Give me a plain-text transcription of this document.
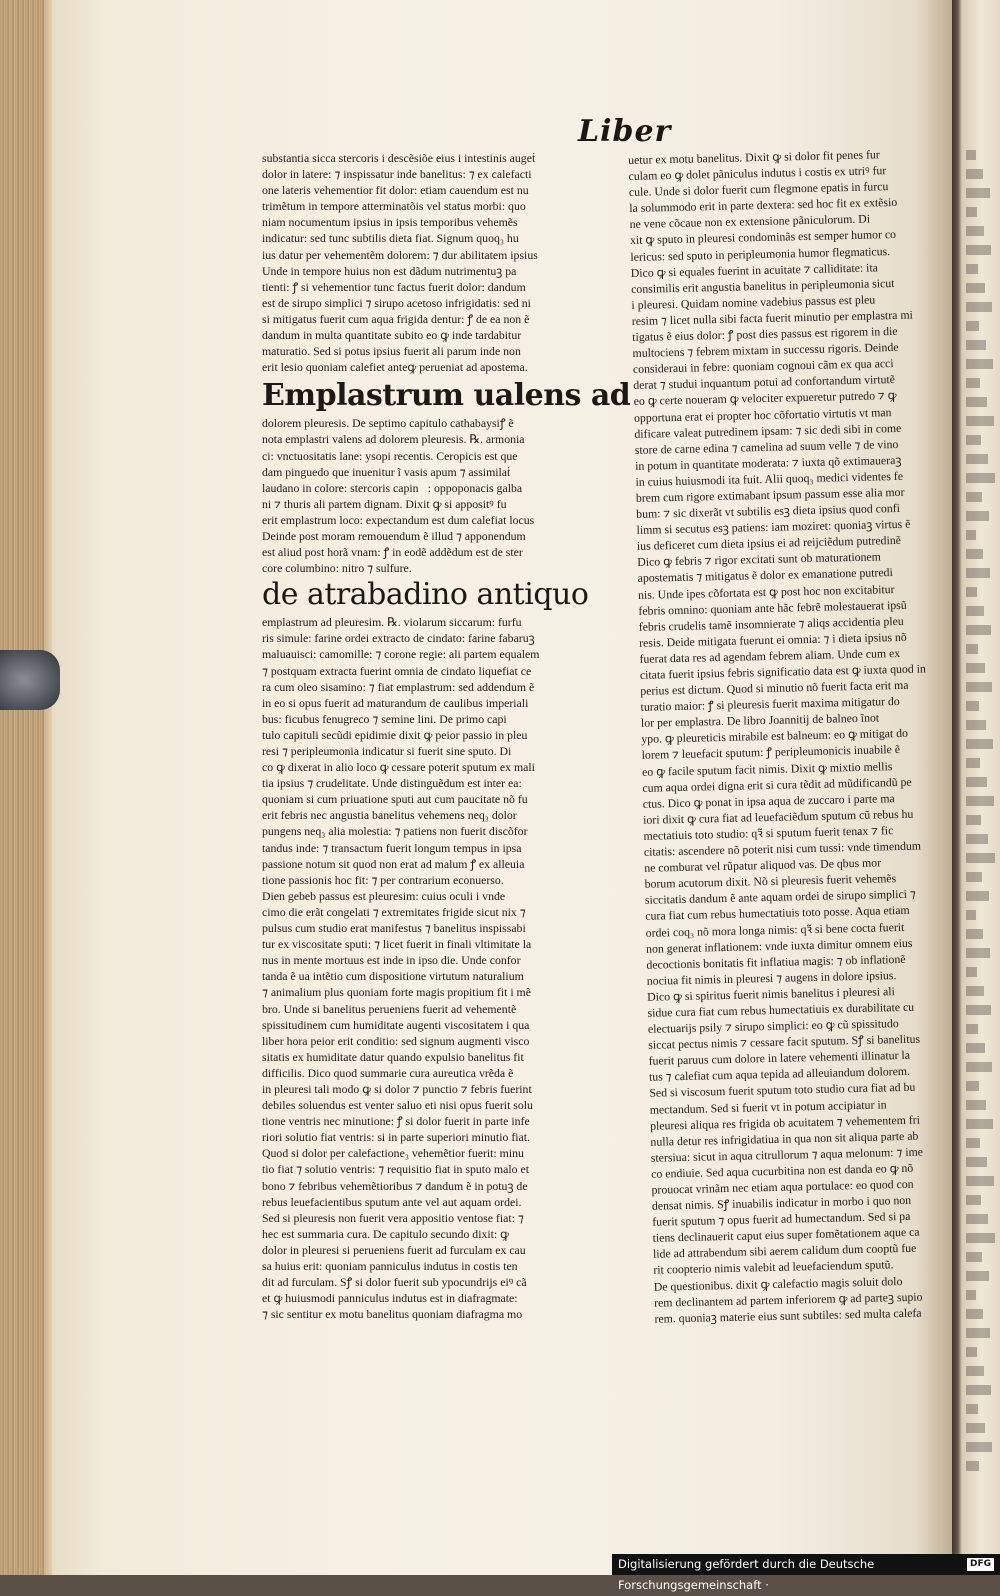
Liber
substantia sicca stercoris i descẽsiõe eius i intestinis augeṫ
dolor in latere: ⁊ inspissatur inde banelitus: ⁊ ex calefacti
one lateris vehementior fit dolor: etiam cauendum est nu
trimẽtum in tempore atterminatõis vel status morbi: quo
niam nocumentum ipsius in ipsis temporibus vehemẽs
indicatur: sed tunc subtilis dieta fiat. Signum quoq₃ hu
ius datur per vehementẽm dolorem: ⁊ dur abilitatem ipsius
Unde in tempore huius non est dãdum nutrimentuꝫ pa
tienti: ꝭ si vehementior tunc factus fuerit dolor: dandum
est de sirupo simplici ⁊ sirupo acetoso infrigidatis: sed ni
si mitigatus fuerit cum aqua frigida dentur: ꝭ de ea non ẽ
dandum in multa quantitate subito eo ꝙ inde tardabitur
maturatio. Sed si potus ipsius fuerit ali parum inde non
erit lesio quoniam calefiet anteꝙ perueniat ad apostema.
Emplastrum ualens ad
dolorem pleuresis. De septimo capitulo cathabaysiꝭ ẽ
nota emplastri valens ad dolorem pleuresis. ℞. armonia
ci: vnctuositatis lane: ysopi recentis. Ceropicis est que
dam pinguedo que inuenitur ĩ vasis apum ⁊ assimilaṫ
laudano in colore: stercoris capinᷓ: oppoponacis galba
ni ⁊ thuris ali partem dignam. Dixit ꝙ si appositꝰ fu
erit emplastrum loco: expectandum est dum calefiat locus
Deinde post moram remouendum ẽ illud ⁊ apponendum
est aliud post horã vnam: ꝭ in eodẽ addẽdum est de ster
core columbino: nitro ⁊ sulfure.
de atrabadino antiquo
emplastrum ad pleuresim. ℞. violarum siccarum: furfu
ris simule: farine ordei extracto de cindato: farine fabaruꝫ
maluauisci: camomille: ⁊ corone regie: ali partem equalem
⁊ postquam extracta fuerint omnia de cindato liquefiat ce
ra cum oleo sisamino: ⁊ fiat emplastrum: sed addendum ẽ
in eo si opus fuerit ad maturandum de caulibus imperiali
bus: ficubus fenugreco ⁊ semine lini. De primo capi
tulo capituli secũdi epidimie dixit ꝙ peior passio in pleu
resi ⁊ peripleumonia indicatur si fuerit sine sputo. Di
co ꝙ dixerat in alio loco ꝙ cessare poterit sputum ex mali
tia ipsius ⁊ crudelitate. Unde distinguẽdum est inter ea:
quoniam si cum priuatione sputi aut cum paucitate nõ fu
erit febris nec angustia banelitus vehemens neq₃ dolor
pungens neq₃ alia molestia: ⁊ patiens non fuerit discõfor
tandus inde: ⁊ transactum fuerit longum tempus in ipsa
passione notum sit quod non erat ad malum ꝭ ex alleuia
tione passionis hoc fit: ⁊ per contrarium econuerso.
Dien gebeb passus est pleuresim: cuius oculi i vnde
cimo die erãt congelati ⁊ extremitates frigide sicut nix ⁊
pulsus cum studio erat manifestus ⁊ banelitus inspissabi
tur ex viscositate sputi: ⁊ licet fuerit in finali vltimitate la
nus in mente mortuus est inde in ipso die. Unde confor
tanda ẽ ua intẽtio cum dispositione virtutum naturalium
⁊ animalium plus quoniam forte magis propitium fit i mẽ
bro. Unde si banelitus perueniens fuerit ad vehementẽ
spissitudinem cum humiditate augenti viscositatem i qua
liber hora peior erit conditio: sed signum augmenti visco
sitatis ex humiditate datur quando expulsio banelitus fit
difficilis. Dico quod summarie cura aureutica vrẽda ẽ
in pleuresi tali modo ꝙ si dolor ⁊ punctio ⁊ febris fuerint
debiles soluendus est venter saluo eti nisi opus fuerit solu
tione ventris nec minutione: ꝭ si dolor fuerit in parte infe
riori solutio fiat ventris: si in parte superiori minutio fiat.
Quod si dolor per calefactione₃ vehemẽtior fuerit: minu
tio fiat ⁊ solutio ventris: ⁊ requisitio fiat in sputo malo et
bono ⁊ febribus vehemẽtioribus ⁊ dandum ẽ in potuꝫ de
rebus leuefacientibus sputum ante vel aut aquam ordei.
Sed si pleuresis non fuerit vera appositio ventose fiat: ⁊
hec est summaria cura. De capitulo secundo dixit: ꝙ
dolor in pleuresi si perueniens fuerit ad furculam ex cau
sa huius erit: quoniam panniculus indutus in costis ten
dit ad furculam. Sꝭ si dolor fuerit sub ypocundrijs eiꝰ cã
et ꝙ huiusmodi panniculus indutus est in diafragmate:
⁊ sic sentitur ex motu banelitus quoniam diafragma mo
uetur ex motu banelitus. Dixit ꝙ si dolor fit penes fur
culam eo ꝙ dolet pãniculus indutus i costis ex utriꝰ fur
cule. Unde si dolor fuerit cum flegmone epatis in furcu
la solummodo erit in parte dextera: sed hoc fit ex extẽsio
ne vene cõcaue non ex extensione pãniculorum. Di
xit ꝙ sputo in pleuresi condominãs est semper humor co
lericus: sed sputo in peripleumonia humor flegmaticus.
Dico ꝙ si equales fuerint in acuitate ⁊ calliditate: ita
consimilis erit angustia banelitus in peripleumonia sicut
i pleuresi. Quidam nomine vadebius passus est pleu
resim ⁊ licet nulla sibi facta fuerit minutio per emplastra mi
tigatus ẽ eius dolor: ꝭ post dies passus est rigorem in die
multociens ⁊ febrem mixtam in successu rigoris. Deinde
consideraui in febre: quoniam cognoui cãm ex qua acci
derat ⁊ studui inquantum potui ad confortandum virtutẽ
eo ꝙ certe noueram ꝙ velociter expueretur putredo ⁊ ꝙ
opportuna erat ei propter hoc cõfortatio virtutis vt man
dificare valeat putredinem ipsam: ⁊ sic dedi sibi in come
store de carne edina ⁊ camelina ad suum velle ⁊ de vino
in potum in quantitate moderata: ⁊ iuxta qõ extimaueraꝫ
in cuius huiusmodi ita fuit. Alii quoq₃ medici videntes fe
brem cum rigore extimabant ipsum passum esse alia mor
bum: ⁊ sic dixerãt vt subtilis esꝫ dieta ipsius quod confi
limm si secutus esꝫ patiens: iam moziret: quoniaꝫ virtus ẽ
ius deficeret cum dieta ipsius ei ad reijciẽdum putredinẽ
Dico ꝙ febris ⁊ rigor excitati sunt ob maturationem
apostematis ⁊ mitigatus ẽ dolor ex emanatione putredi
nis. Unde ipes cõfortata est ꝙ post hoc non excitabitur
febris omnino: quoniam ante hãc febrẽ molestauerat ipsũ
febris crudelis tamẽ insomnierate ⁊ aliqs accidentia pleu
resis. Deide mitigata fuerunt ei omnia: ⁊ i dieta ipsius nõ
fuerat data res ad agendam febrem aliam. Unde cum ex
citata fuerit ipsius febris significatio data est ꝙ iuxta quod in
perius est dictum. Quod si minutio nõ fuerit facta erit ma
turatio maior: ꝭ si pleuresis fuerit maxima mitigatur do
lor per emplastra. De libro Joannitij de balneo ĩnot
ypo. ꝙ pleureticis mirabile est balneum: eo ꝙ mitigat do
lorem ⁊ leuefacit sputum: ꝭ peripleumonicis inuabile ẽ
eo ꝙ facile sputum facit nimis. Dixit ꝙ mixtio mellis
cum aqua ordei digna erit si cura tẽdit ad mũdificandũ pe
ctus. Dico ꝙ ponat in ipsa aqua de zuccaro i parte ma
iori dixit ꝙ cura fiat ad leuefaciẽdum sputum cũ rebus hu
mectatiuis toto studio: qꝛ̃ si sputum fuerit tenax ⁊ fic
citatis: ascendere nõ poterit nisi cum tussi: vnde timendum
ne comburat vel rũpatur aliquod vas. De qbus mor
borum acutorum dixit. Nõ si pleuresis fuerit vehemẽs
siccitatis dandum ẽ ante aquam ordei de sirupo simplici ⁊
cura fiat cum rebus humectatiuis toto posse. Aqua etiam
ordei coq₃ nõ mora longa nimis: qꝛ̃ si bene cocta fuerit
non generat inflationem: vnde iuxta dimitur omnem eius
decoctionis bonitatis fit inflatiua magis: ⁊ ob inflationẽ
nociua fit nimis in pleuresi ⁊ augens in dolore ipsius.
Dico ꝙ si spiritus fuerit nimis banelitus i pleuresi ali
sidue cura fiat cum rebus humectatiuis ex durabilitate cu
electuarijs psily ⁊ sirupo simplici: eo ꝙ cũ spissitudo
siccat pectus nimis ⁊ cessare facit sputum. Sꝭ si banelitus
fuerit paruus cum dolore in latere vehementi illinatur la
tus ⁊ calefiat cum aqua tepida ad alleuiandum dolorem.
Sed si viscosum fuerit sputum toto studio cura fiat ad bu
mectandum. Sed si fuerit vt in potum accipiatur in
pleuresi aliqua res frigida ob acuitatem ⁊ vehementem fri
nulla detur res infrigidatiua in qua non sit aliqua parte ab
stersiua: sicut in aqua citrullorum ⁊ aqua melonum: ⁊ ime
co endiuie. Sed aqua cucurbitina non est danda eo ꝙ nõ
prouocat vrinãm nec etiam aqua portulace: eo quod con
densat nimis. Sꝭ inuabilis indicatur in morbo i quo non
fuerit sputum ⁊ opus fuerit ad humectandum. Sed si pa
tiens declinauerit caput eius super fomẽtationem aque ca
lide ad attrabendum sibi aerem calidum dum cooptũ fue
rit coopterio nimis valebit ad leuefaciendum sputũ.
De questionibus. dixit ꝙ calefactio magis soluit dolo
rem declinantem ad partem inferiorem ꝙ ad parteꝫ supio
rem. quoniaꝫ materie eius sunt subtiles: sed multa calefa
Digitalisierung gefördert durch die Deutsche Forschungsgemeinschaft ·
DFG
